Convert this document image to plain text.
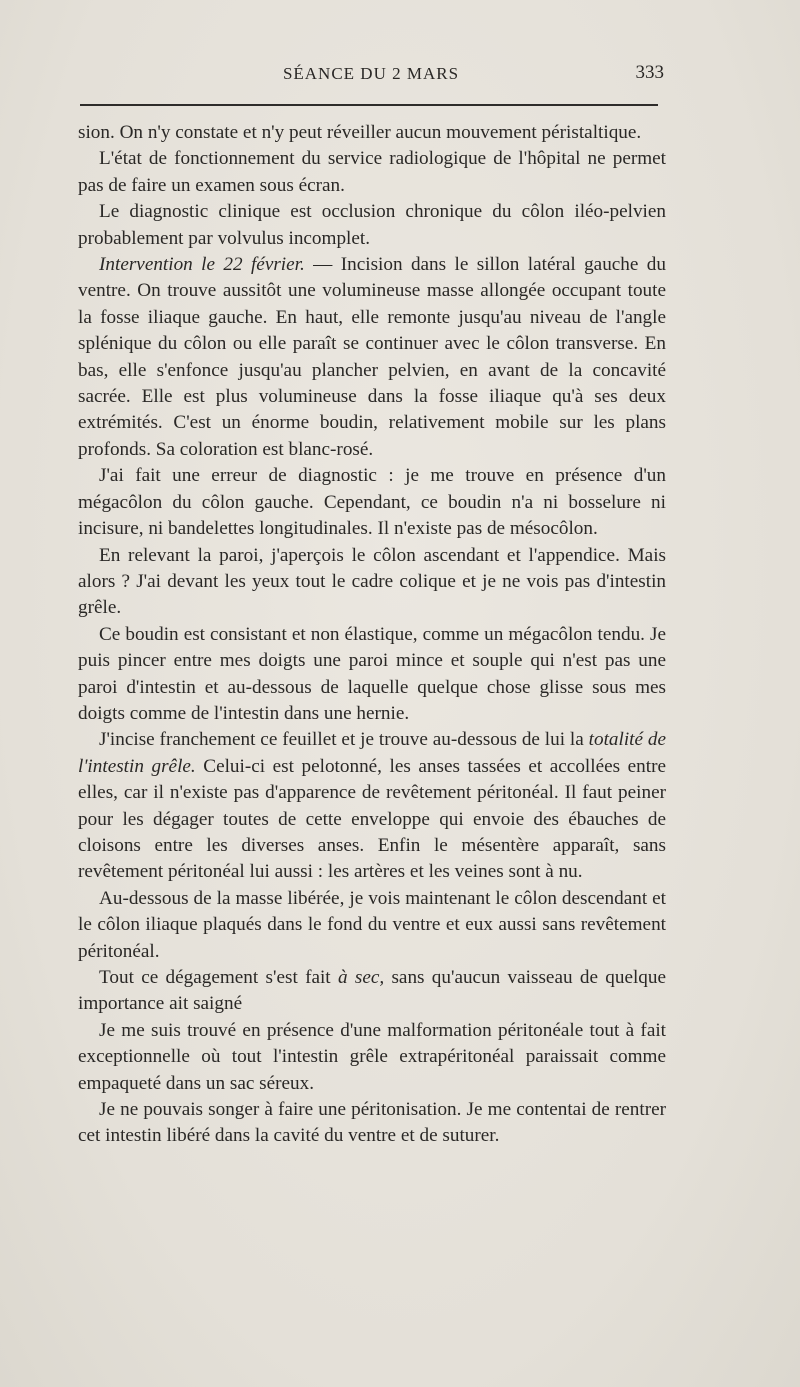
SÉANCE DU 2 MARS	333

sion. On n'y constate et n'y peut réveiller aucun mouvement péristaltique.

L'état de fonctionnement du service radiologique de l'hôpital ne permet pas de faire un examen sous écran.

Le diagnostic clinique est occlusion chronique du côlon iléo-pelvien probablement par volvulus incomplet.

Intervention le 22 février. — Incision dans le sillon latéral gauche du ventre. On trouve aussitôt une volumineuse masse allongée occupant toute la fosse iliaque gauche. En haut, elle remonte jusqu'au niveau de l'angle splénique du côlon ou elle paraît se continuer avec le côlon transverse. En bas, elle s'enfonce jusqu'au plancher pelvien, en avant de la concavité sacrée. Elle est plus volumineuse dans la fosse iliaque qu'à ses deux extrémités. C'est un énorme boudin, relativement mobile sur les plans profonds. Sa coloration est blanc-rosé.

J'ai fait une erreur de diagnostic : je me trouve en présence d'un mégacôlon du côlon gauche. Cependant, ce boudin n'a ni bosselure ni incisure, ni bandelettes longitudinales. Il n'existe pas de mésocôlon.

En relevant la paroi, j'aperçois le côlon ascendant et l'appendice. Mais alors ? J'ai devant les yeux tout le cadre colique et je ne vois pas d'intestin grêle.

Ce boudin est consistant et non élastique, comme un mégacôlon tendu. Je puis pincer entre mes doigts une paroi mince et souple qui n'est pas une paroi d'intestin et au-dessous de laquelle quelque chose glisse sous mes doigts comme de l'intestin dans une hernie.

J'incise franchement ce feuillet et je trouve au-dessous de lui la totalité de l'intestin grêle. Celui-ci est pelotonné, les anses tassées et accollées entre elles, car il n'existe pas d'apparence de revêtement péritonéal. Il faut peiner pour les dégager toutes de cette enveloppe qui envoie des ébauches de cloisons entre les diverses anses. Enfin le mésentère apparaît, sans revêtement péritonéal lui aussi : les artères et les veines sont à nu.

Au-dessous de la masse libérée, je vois maintenant le côlon descendant et le côlon iliaque plaqués dans le fond du ventre et eux aussi sans revêtement péritonéal.

Tout ce dégagement s'est fait à sec, sans qu'aucun vaisseau de quelque importance ait saigné

Je me suis trouvé en présence d'une malformation péritonéale tout à fait exceptionnelle où tout l'intestin grêle extrapéritonéal paraissait comme empaqueté dans un sac séreux.

Je ne pouvais songer à faire une péritonisation. Je me contentai de rentrer cet intestin libéré dans la cavité du ventre et de suturer.
